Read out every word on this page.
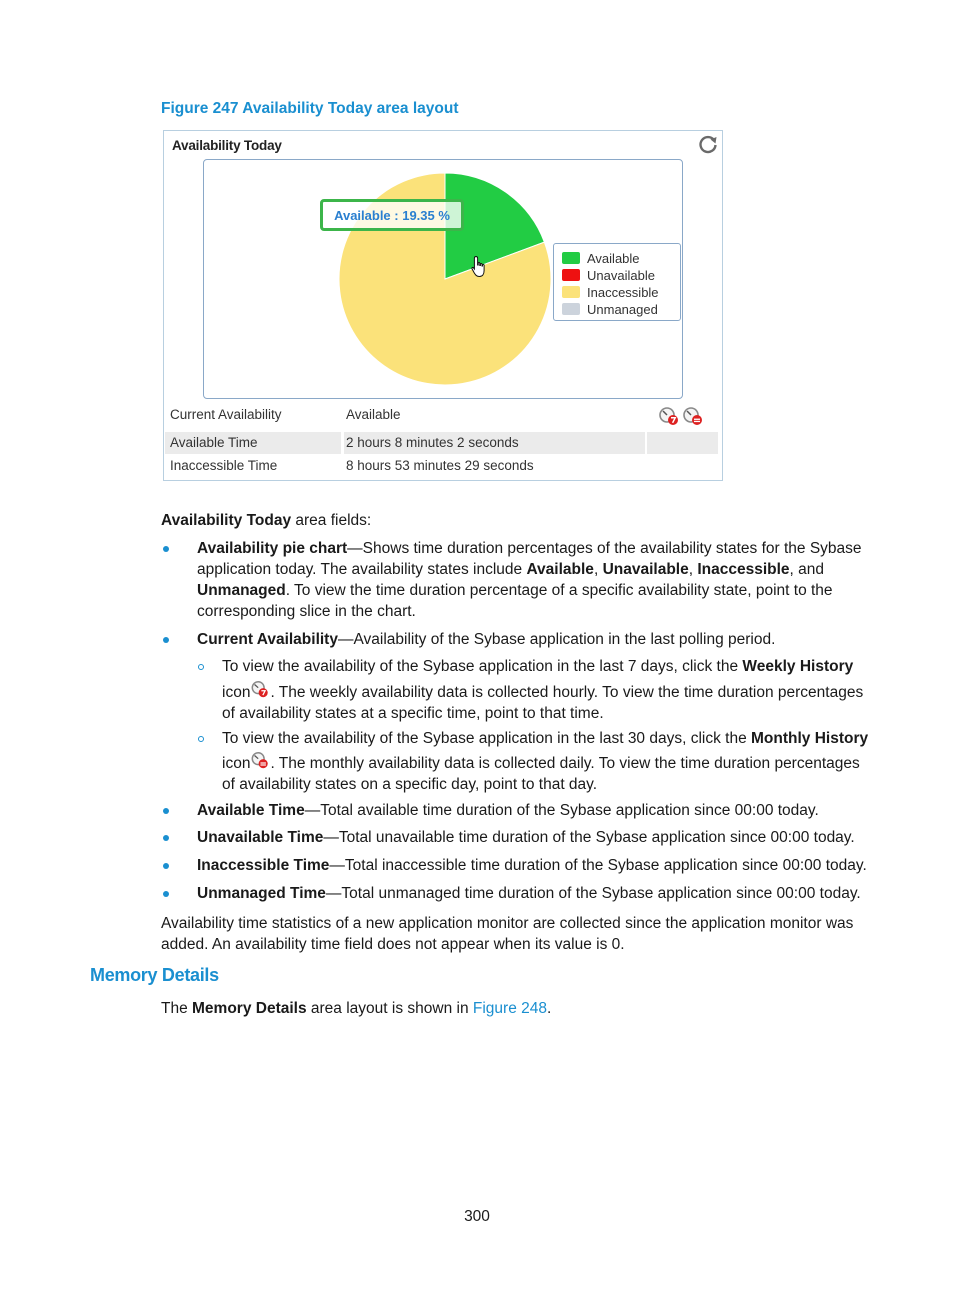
Figure 247 Availability Today area layout
Availability Today
Available : 19.35 %
Available
Unavailable
Inaccessible
Unmanaged
Current Availability	Available
Available Time	2 hours 8 minutes 2 seconds
Inaccessible Time	8 hours 53 minutes 29 seconds
Availability Today area fields:
Availability pie chart—Shows time duration percentages of the availability states for the Sybase
application today. The availability states include Available, Unavailable, Inaccessible, and
Unmanaged. To view the time duration percentage of a specific availability state, point to the
corresponding slice in the chart.
Current Availability—Availability of the Sybase application in the last polling period.
To view the availability of the Sybase application in the last 7 days, click the Weekly History
icon . The weekly availability data is collected hourly. To view the time duration percentages
of availability states at a specific time, point to that time.
To view the availability of the Sybase application in the last 30 days, click the Monthly History
icon . The monthly availability data is collected daily. To view the time duration percentages
of availability states on a specific day, point to that day.
Available Time—Total available time duration of the Sybase application since 00:00 today.
Unavailable Time—Total unavailable time duration of the Sybase application since 00:00 today.
Inaccessible Time—Total inaccessible time duration of the Sybase application since 00:00 today.
Unmanaged Time—Total unmanaged time duration of the Sybase application since 00:00 today.
Availability time statistics of a new application monitor are collected since the application monitor was
added. An availability time field does not appear when its value is 0.
Memory Details
The Memory Details area layout is shown in Figure 248.
300
